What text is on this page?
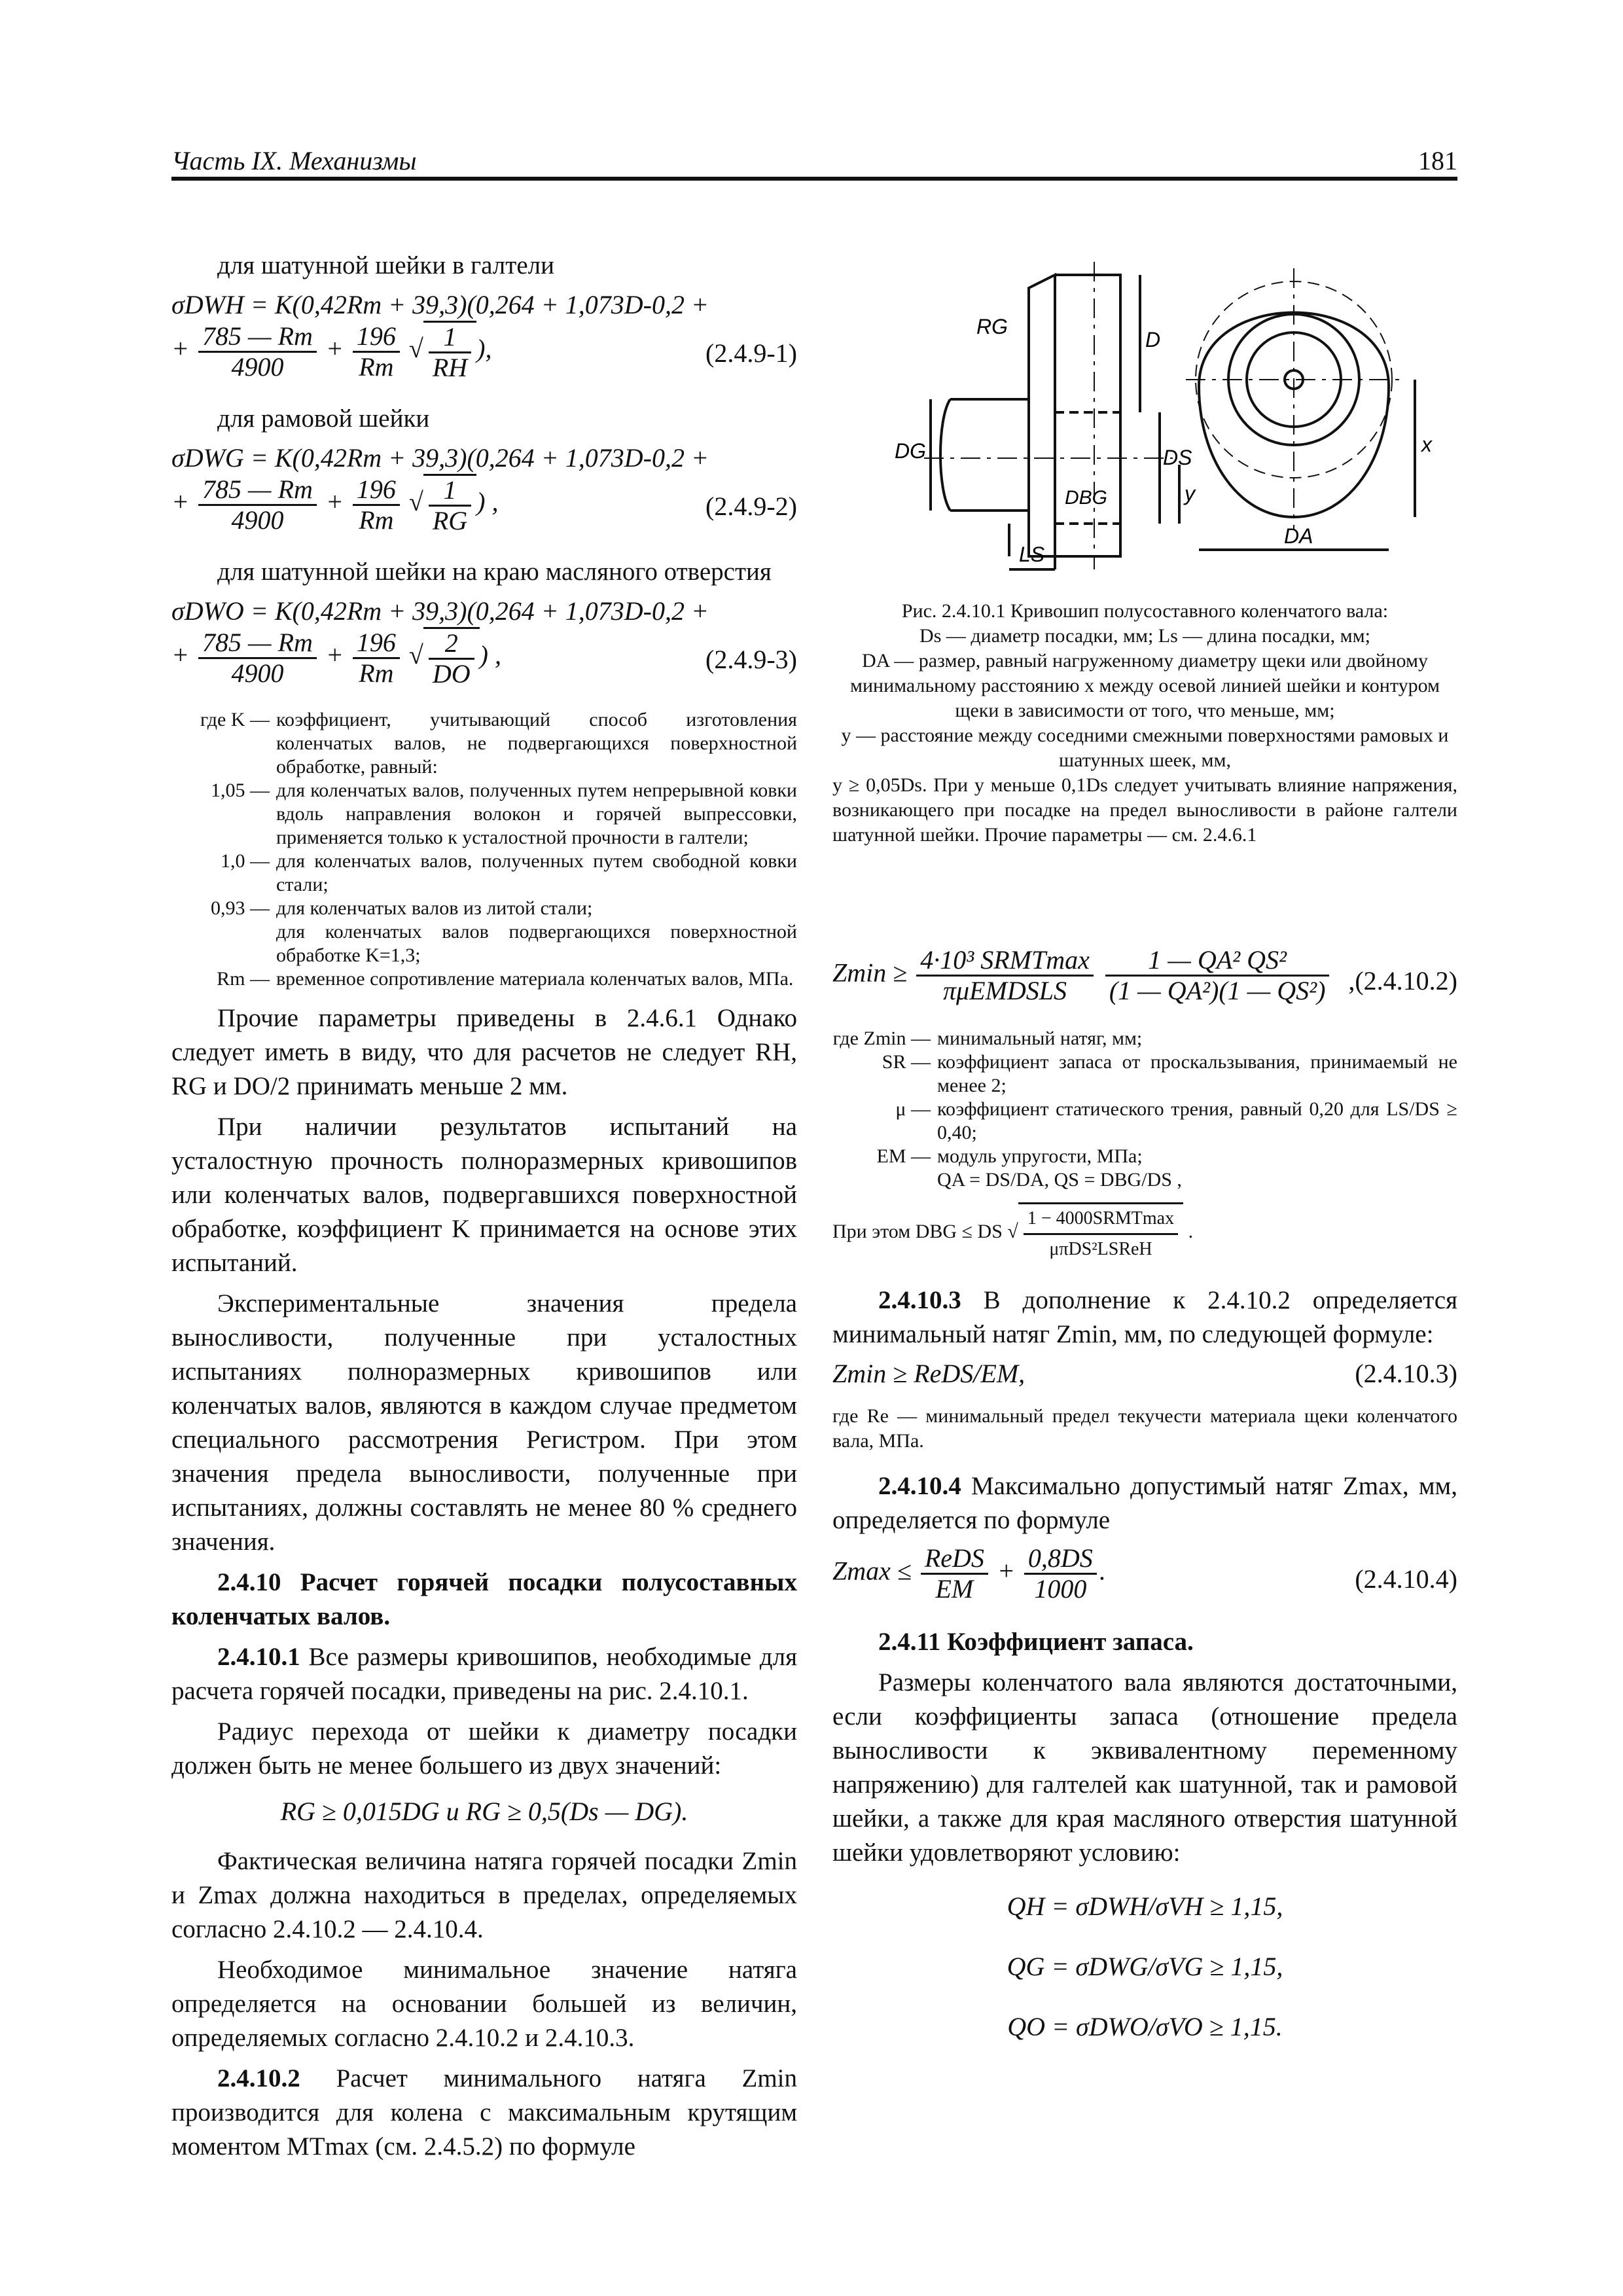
Часть IX. Механизмы	181

для шатунной шейки в галтели

σDWH = K(0,42Rm + 39,3)(0,264 + 1,073D-0,2 +
+ $\frac{785 — Rm}{4900} + \frac{196}{Rm}$ √ $\frac{1}{RH}$ ),	(2.4.9-1)

для рамовой шейки

σDWG = K(0,42Rm + 39,3)(0,264 + 1,073D-0,2 +
+ $\frac{785 — Rm}{4900} + \frac{196}{Rm}$ √ $\frac{1}{RG}$ ) ,	(2.4.9-2)

для шатунной шейки на краю масляного отверстия

σDWO = K(0,42Rm + 39,3)(0,264 + 1,073D-0,2 +
+ $\frac{785 — Rm}{4900} + \frac{196}{Rm}$ √ $\frac{2}{DO}$ ) ,	(2.4.9-3)
где K — коэффициент, учитывающий способ изготовления коленчатых валов, не подвергающихся поверхностной обработке, равный:
1,05 — для коленчатых валов, полученных путем непрерывной ковки вдоль направления волокон и горячей выпрессовки, применяется только к усталостной прочности в галтели;
1,0 — для коленчатых валов, полученных путем свободной ковки стали;
0,93 — для коленчатых валов из литой стали;
для коленчатых валов подвергающихся поверхностной обработке K=1,3;
Rm — временное сопротивление материала коленчатых валов, МПа.

Прочие параметры приведены в 2.4.6.1 Однако следует иметь в виду, что для расчетов не следует RH, RG и DO/2 принимать меньше 2 мм.

При наличии результатов испытаний на усталостную прочность полноразмерных кривошипов или коленчатых валов, подвергавшихся поверхностной обработке, коэффициент K принимается на основе этих испытаний.

Экспериментальные значения предела выносливости, полученные при усталостных испытаниях полноразмерных кривошипов или коленчатых валов, являются в каждом случае предметом специального рассмотрения Регистром. При этом значения предела выносливости, полученные при испытаниях, должны составлять не менее 80 % среднего значения.

2.4.10 Расчет горячей посадки полусоставных коленчатых валов.

2.4.10.1 Все размеры кривошипов, необходимые для расчета горячей посадки, приведены на рис. 2.4.10.1.

Радиус перехода от шейки к диаметру посадки должен быть не менее большего из двух значений:

RG ≥ 0,015DG и RG ≥ 0,5(Ds — DG).

Фактическая величина натяга горячей посадки Zmin и Zmax должна находиться в пределах, определяемых согласно 2.4.10.2 — 2.4.10.4.

Необходимое минимальное значение натяга определяется на основании большей из величин, определяемых согласно 2.4.10.2 и 2.4.10.3.

2.4.10.2 Расчет минимального натяга Zmin производится для колена с максимальным крутящим моментом MTmax (см. 2.4.5.2) по формуле

RG
DG
DBG
DS
D
y
LS
DA
x

Рис. 2.4.10.1 Кривошип полусоставного коленчатого вала:

Ds — диаметр посадки, мм; Ls — длина посадки, мм;

DA — размер, равный нагруженному диаметру щеки или двойному минимальному расстоянию x между осевой линией шейки и контуром щеки в зависимости от того, что меньше, мм;

y — расстояние между соседними смежными поверхностями рамовых и шатунных шеек, мм,

y ≥ 0,05Ds. При y меньше 0,1Ds следует учитывать влияние напряжения, возникающего при посадке на предел выносливости в районе галтели шатунной шейки. Прочие параметры — см. 2.4.6.1

$Zmin \ge \frac{\text{4·10³ SRMTmax}}{\text{πμEMDSLS}}$
$\frac{\text{1 — QA² QS²}}{\text{(1 — QA²)(1 — QS²)}} ,(2.4.10.2)$
где Zmin — минимальный натяг, мм;
SR — коэффициент запаса от проскальзывания, принимаемый не менее 2;
μ — коэффициент статического трения, равный 0,20 для LS/DS ≥ 0,40;
EM — модуль упругости, МПа;
QA = DS/DA, QS = DBG/DS ,
При этом DBG ≤ DS √ $\frac{\text{1 − 4000SRMTmax}}{\text{μπDS²LSReH}}$ .

2.4.10.3 В дополнение к 2.4.10.2 определяется минимальный натяг Zmin, мм, по следующей формуле:

Zmin ≥ ReDS/EM,	(2.4.10.3)

где Re — минимальный предел текучести материала щеки коленчатого вала, МПа.

2.4.10.4 Максимально допустимый натяг Zmax, мм, определяется по формуле

$Zmax \le \frac{\text{ReDS}}{EM} + \frac{0,8DS}{1000}$ .	(2.4.10.4)

2.4.11 Коэффициент запаса.

Размеры коленчатого вала являются достаточными, если коэффициенты запаса (отношение предела выносливости к эквивалентному переменному напряжению) для галтелей как шатунной, так и рамовой шейки, а также для края масляного отверстия шатунной шейки удовлетворяют условию:

QH = σDWH/σVH ≥ 1,15,

QG = σDWG/σVG ≥ 1,15,

QO = σDWO/σVO ≥ 1,15.
